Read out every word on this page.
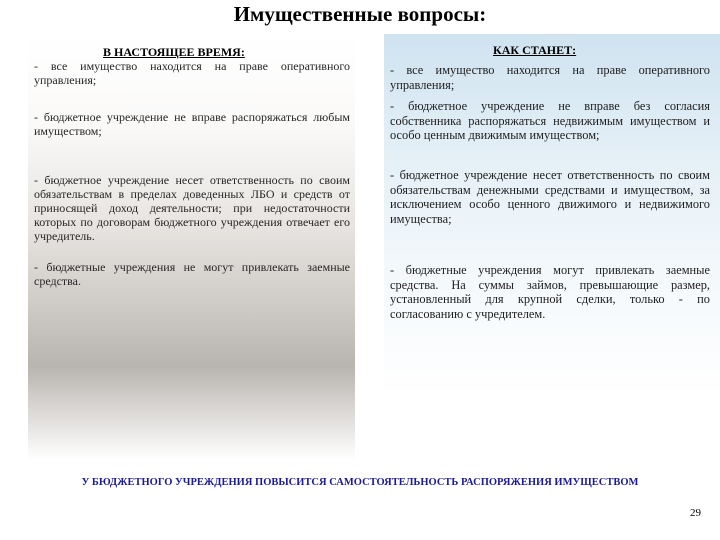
Имущественные вопросы:
В НАСТОЯЩЕЕ ВРЕМЯ:

- все имущество находится на праве оперативного управления;

- бюджетное учреждение не вправе распоряжаться любым имуществом;

- бюджетное учреждение несет ответственность по своим обязательствам в пределах доведенных ЛБО и средств от приносящей доход деятельности; при недостаточности которых по договорам бюджетного учреждения отвечает его учредитель.

- бюджетные учреждения не могут привлекать заемные средства.

КАК СТАНЕТ:

- все имущество находится на праве оперативного управления;

- бюджетное учреждение не вправе без согласия собственника распоряжаться недвижимым имуществом и особо ценным движимым имуществом;

- бюджетное учреждение несет ответственность по своим обязательствам денежными средствами и имуществом, за исключением особо ценного движимого и недвижимого имущества;

- бюджетные учреждения могут привлекать заемные средства. На суммы займов, превышающие размер, установленный для крупной сделки, только - по согласованию с учредителем.

У БЮДЖЕТНОГО УЧРЕЖДЕНИЯ ПОВЫСИТСЯ САМОСТОЯТЕЛЬНОСТЬ РАСПОРЯЖЕНИЯ ИМУЩЕСТВОМ
29
